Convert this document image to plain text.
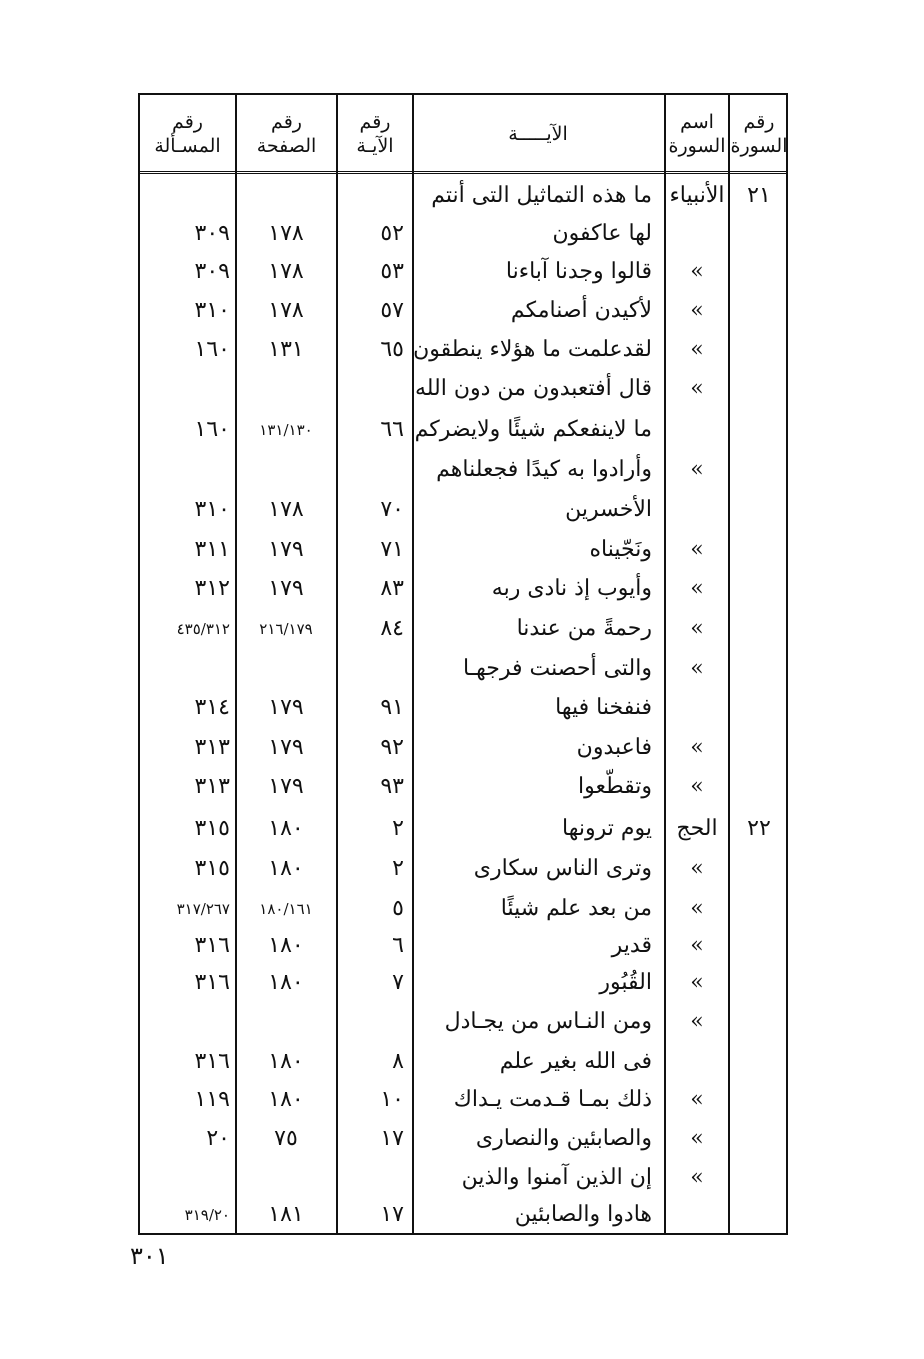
رقم
السورة
اسم
السورة
الآيـــــة
رقم
الآيـة
رقم
الصفحة
رقم
المسـألة
٢١
الأنبياء
ما هذه التماثيل التى أنتم
لها عاكفون
٥٢
١٧٨
٣٠٩
»
قالوا وجدنا آباءنا
٥٣
١٧٨
٣٠٩
»
لأكيدن أصنامكم
٥٧
١٧٨
٣١٠
»
لقدعلمت ما هؤلاء ينطقون
٦٥
١٣١
١٦٠
»
قال أفتعبدون من دون الله
ما لاينفعكم شيئًا ولايضركم
٦٦
١٣١/١٣٠
١٦٠
»
وأرادوا به كيدًا فجعلناهم
الأخسرين
٧٠
١٧٨
٣١٠
»
ونَجّيناه
٧١
١٧٩
٣١١
»
وأيوب إذ نادى ربه
٨٣
١٧٩
٣١٢
»
رحمةً من عندنا
٨٤
٢١٦/١٧٩
٤٣٥/٣١٢
»
والتى أحصنت فرجهـا
فنفخنا فيها
٩١
١٧٩
٣١٤
»
فاعبدون
٩٢
١٧٩
٣١٣
»
وتقطّعوا
٩٣
١٧٩
٣١٣
٢٢
الحج
يوم ترونها
٢
١٨٠
٣١٥
»
وترى الناس سكارى
٢
١٨٠
٣١٥
»
من بعد علم شيئًا
٥
١٨٠/١٦١
٣١٧/٢٦٧
»
قدير
٦
١٨٠
٣١٦
»
القُبُور
٧
١٨٠
٣١٦
»
ومن النـاس من يجـادل
فى الله بغير علم
٨
١٨٠
٣١٦
»
ذلك بمـا قـدمت يـداك
١٠
١٨٠
١١٩
»
والصابئين والنصارى
١٧
٧٥
٢٠
»
إن الذين آمنوا والذين
هادوا والصابئين
١٧
١٨١
٣١٩/٢٠
٣٠١
